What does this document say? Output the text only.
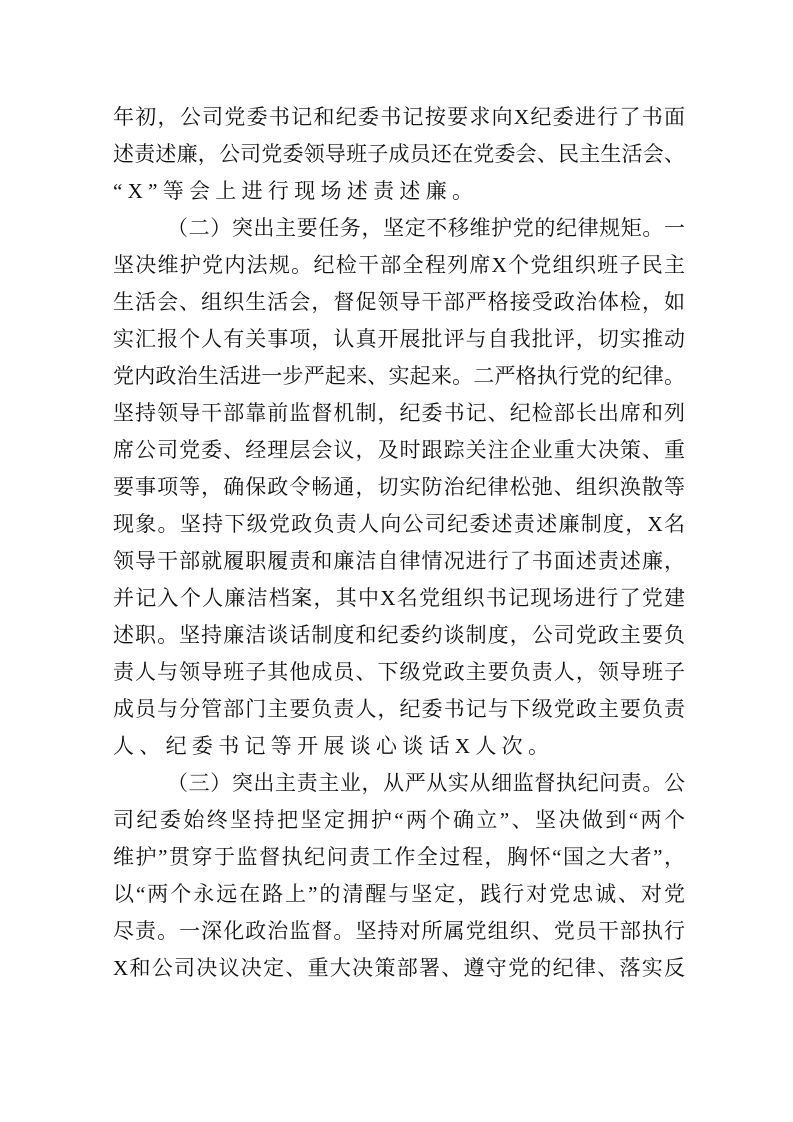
年初，公司党委书记和纪委书记按要求向X纪委进行了书面
述责述廉，公司党委领导班子成员还在党委会、民主生活会、
“X”等会上进行现场述责述廉。
（二）突出主要任务，坚定不移维护党的纪律规矩。一
坚决维护党内法规。纪检干部全程列席X个党组织班子民主
生活会、组织生活会，督促领导干部严格接受政治体检，如
实汇报个人有关事项，认真开展批评与自我批评，切实推动
党内政治生活进一步严起来、实起来。二严格执行党的纪律。
坚持领导干部靠前监督机制，纪委书记、纪检部长出席和列
席公司党委、经理层会议，及时跟踪关注企业重大决策、重
要事项等，确保政令畅通，切实防治纪律松弛、组织涣散等
现象。坚持下级党政负责人向公司纪委述责述廉制度，X名
领导干部就履职履责和廉洁自律情况进行了书面述责述廉，
并记入个人廉洁档案，其中X名党组织书记现场进行了党建
述职。坚持廉洁谈话制度和纪委约谈制度，公司党政主要负
责人与领导班子其他成员、下级党政主要负责人，领导班子
成员与分管部门主要负责人，纪委书记与下级党政主要负责
人、纪委书记等开展谈心谈话X人次。
（三）突出主责主业，从严从实从细监督执纪问责。公
司纪委始终坚持把坚定拥护“两个确立”、坚决做到“两个
维护”贯穿于监督执纪问责工作全过程，胸怀“国之大者”，
以“两个永远在路上”的清醒与坚定，践行对党忠诚、对党
尽责。一深化政治监督。坚持对所属党组织、党员干部执行
X和公司决议决定、重大决策部署、遵守党的纪律、落实反
